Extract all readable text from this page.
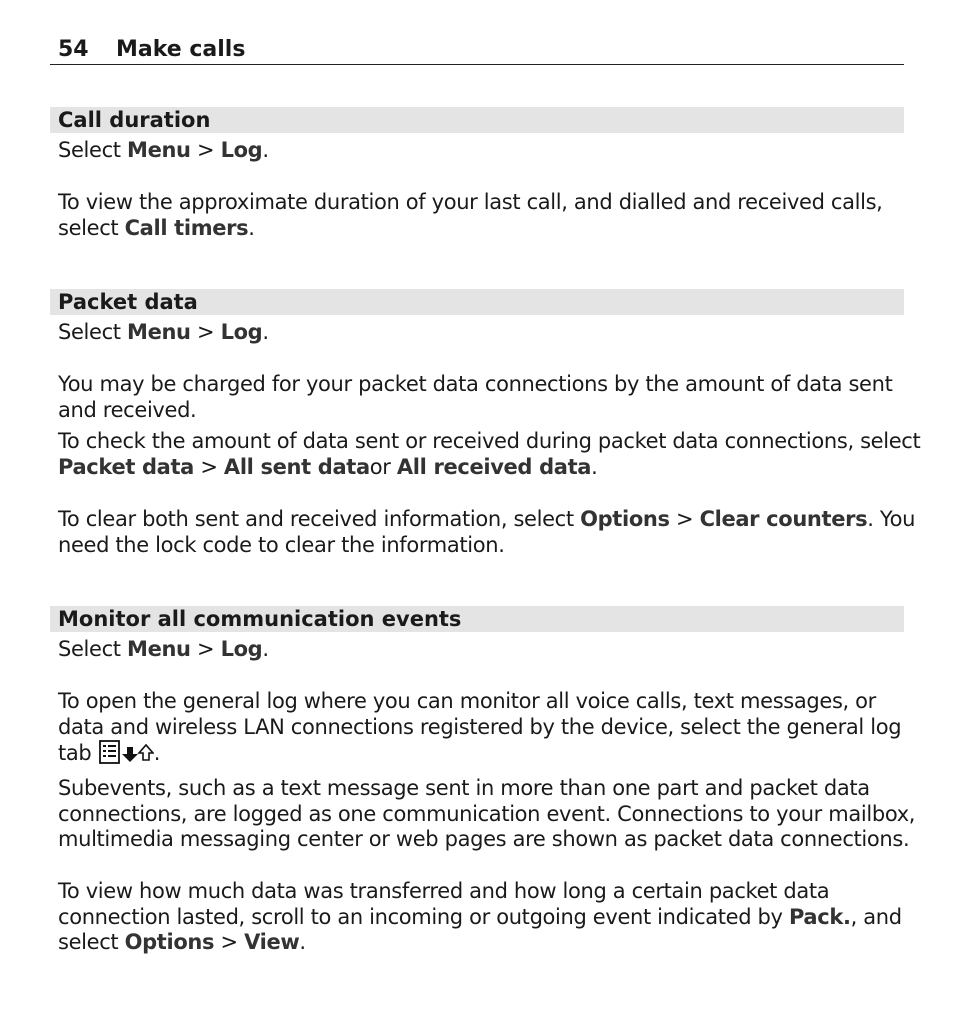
54 Make calls
Call duration
Select Menu > Log.
To view the approximate duration of your last call, and dialled and received calls,
select Call timers.
Packet data
Select Menu > Log.
You may be charged for your packet data connections by the amount of data sent
and received.
To check the amount of data sent or received during packet data connections, select
Packet data > All sent dataor All received data.
To clear both sent and received information, select Options > Clear counters. You
need the lock code to clear the information.
Monitor all communication events
Select Menu > Log.
To open the general log where you can monitor all voice calls, text messages, or
data and wireless LAN connections registered by the device, select the general log
tab	.
Subevents, such as a text message sent in more than one part and packet data
connections, are logged as one communication event. Connections to your mailbox,
multimedia messaging center or web pages are shown as packet data connections.
To view how much data was transferred and how long a certain packet data
connection lasted, scroll to an incoming or outgoing event indicated by Pack., and
select Options > View.
